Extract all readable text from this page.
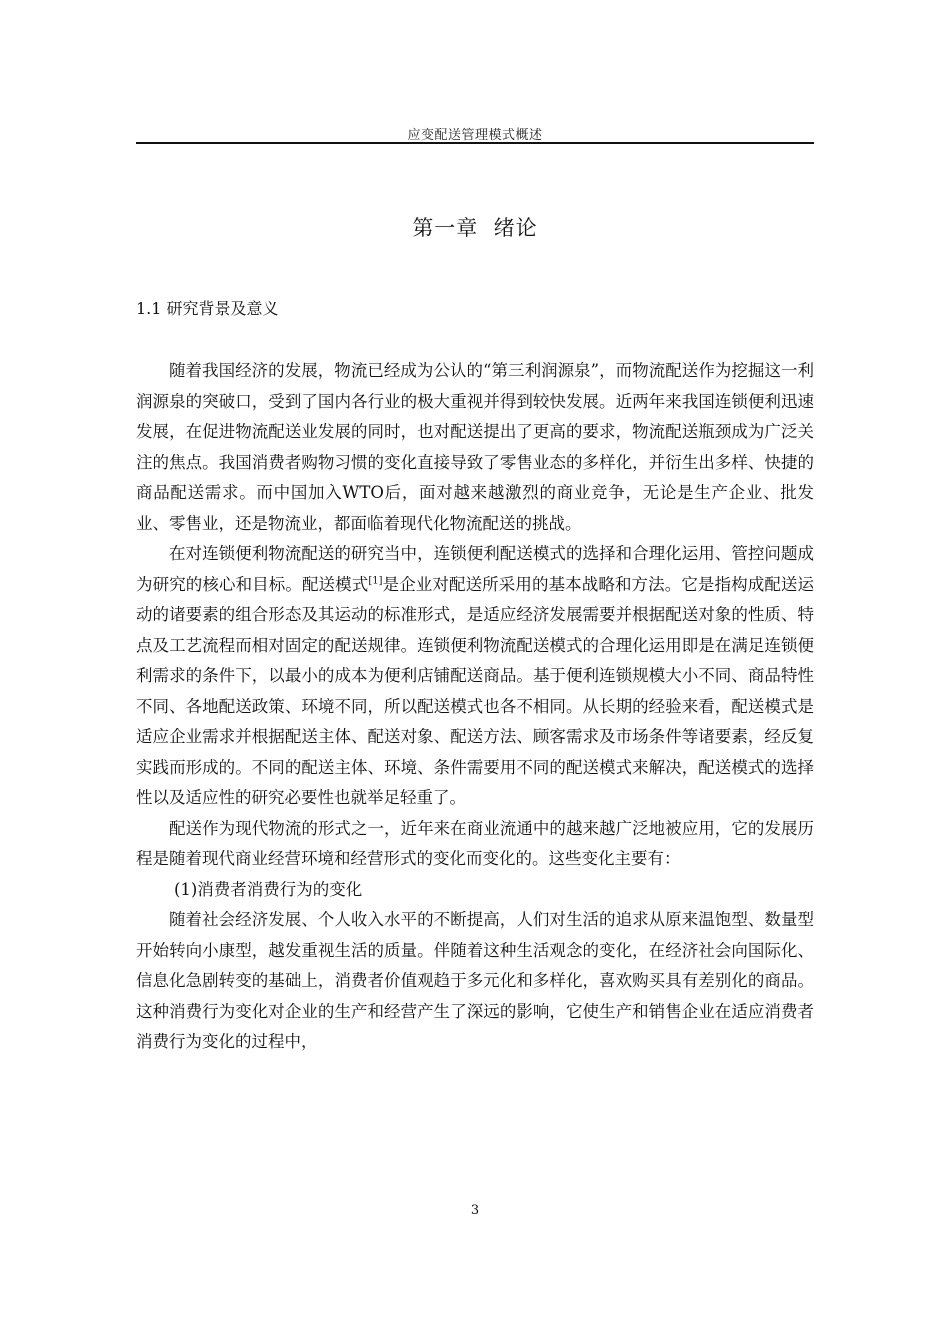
应变配送管理模式概述
第一章  绪论
1.1 研究背景及意义

随着我国经济的发展，物流已经成为公认的“第三利润源泉”，而物流配送作为挖掘这一利润源泉的突破口，受到了国内各行业的极大重视并得到较快发展。近两年来我国连锁便利迅速发展，在促进物流配送业发展的同时，也对配送提出了更高的要求，物流配送瓶颈成为广泛关注的焦点。我国消费者购物习惯的变化直接导致了零售业态的多样化，并衍生出多样、快捷的商品配送需求。而中国加入WTO后，面对越来越激烈的商业竞争，无论是生产企业、批发业、零售业，还是物流业，都面临着现代化物流配送的挑战。

在对连锁便利物流配送的研究当中，连锁便利配送模式的选择和合理化运用、管控问题成为研究的核心和目标。配送模式[1]是企业对配送所采用的基本战略和方法。它是指构成配送运动的诸要素的组合形态及其运动的标准形式，是适应经济发展需要并根据配送对象的性质、特点及工艺流程而相对固定的配送规律。连锁便利物流配送模式的合理化运用即是在满足连锁便利需求的条件下，以最小的成本为便利店铺配送商品。基于便利连锁规模大小不同、商品特性不同、各地配送政策、环境不同，所以配送模式也各不相同。从长期的经验来看，配送模式是适应企业需求并根据配送主体、配送对象、配送方法、顾客需求及市场条件等诸要素，经反复实践而形成的。不同的配送主体、环境、条件需要用不同的配送模式来解决，配送模式的选择性以及适应性的研究必要性也就举足轻重了。

配送作为现代物流的形式之一，近年来在商业流通中的越来越广泛地被应用，它的发展历程是随着现代商业经营环境和经营形式的变化而变化的。这些变化主要有：

(1)消费者消费行为的变化

随着社会经济发展、个人收入水平的不断提高，人们对生活的追求从原来温饱型、数量型开始转向小康型，越发重视生活的质量。伴随着这种生活观念的变化，在经济社会向国际化、信息化急剧转变的基础上，消费者价值观趋于多元化和多样化，喜欢购买具有差别化的商品。这种消费行为变化对企业的生产和经营产生了深远的影响，它使生产和销售企业在适应消费者消费行为变化的过程中，

3
